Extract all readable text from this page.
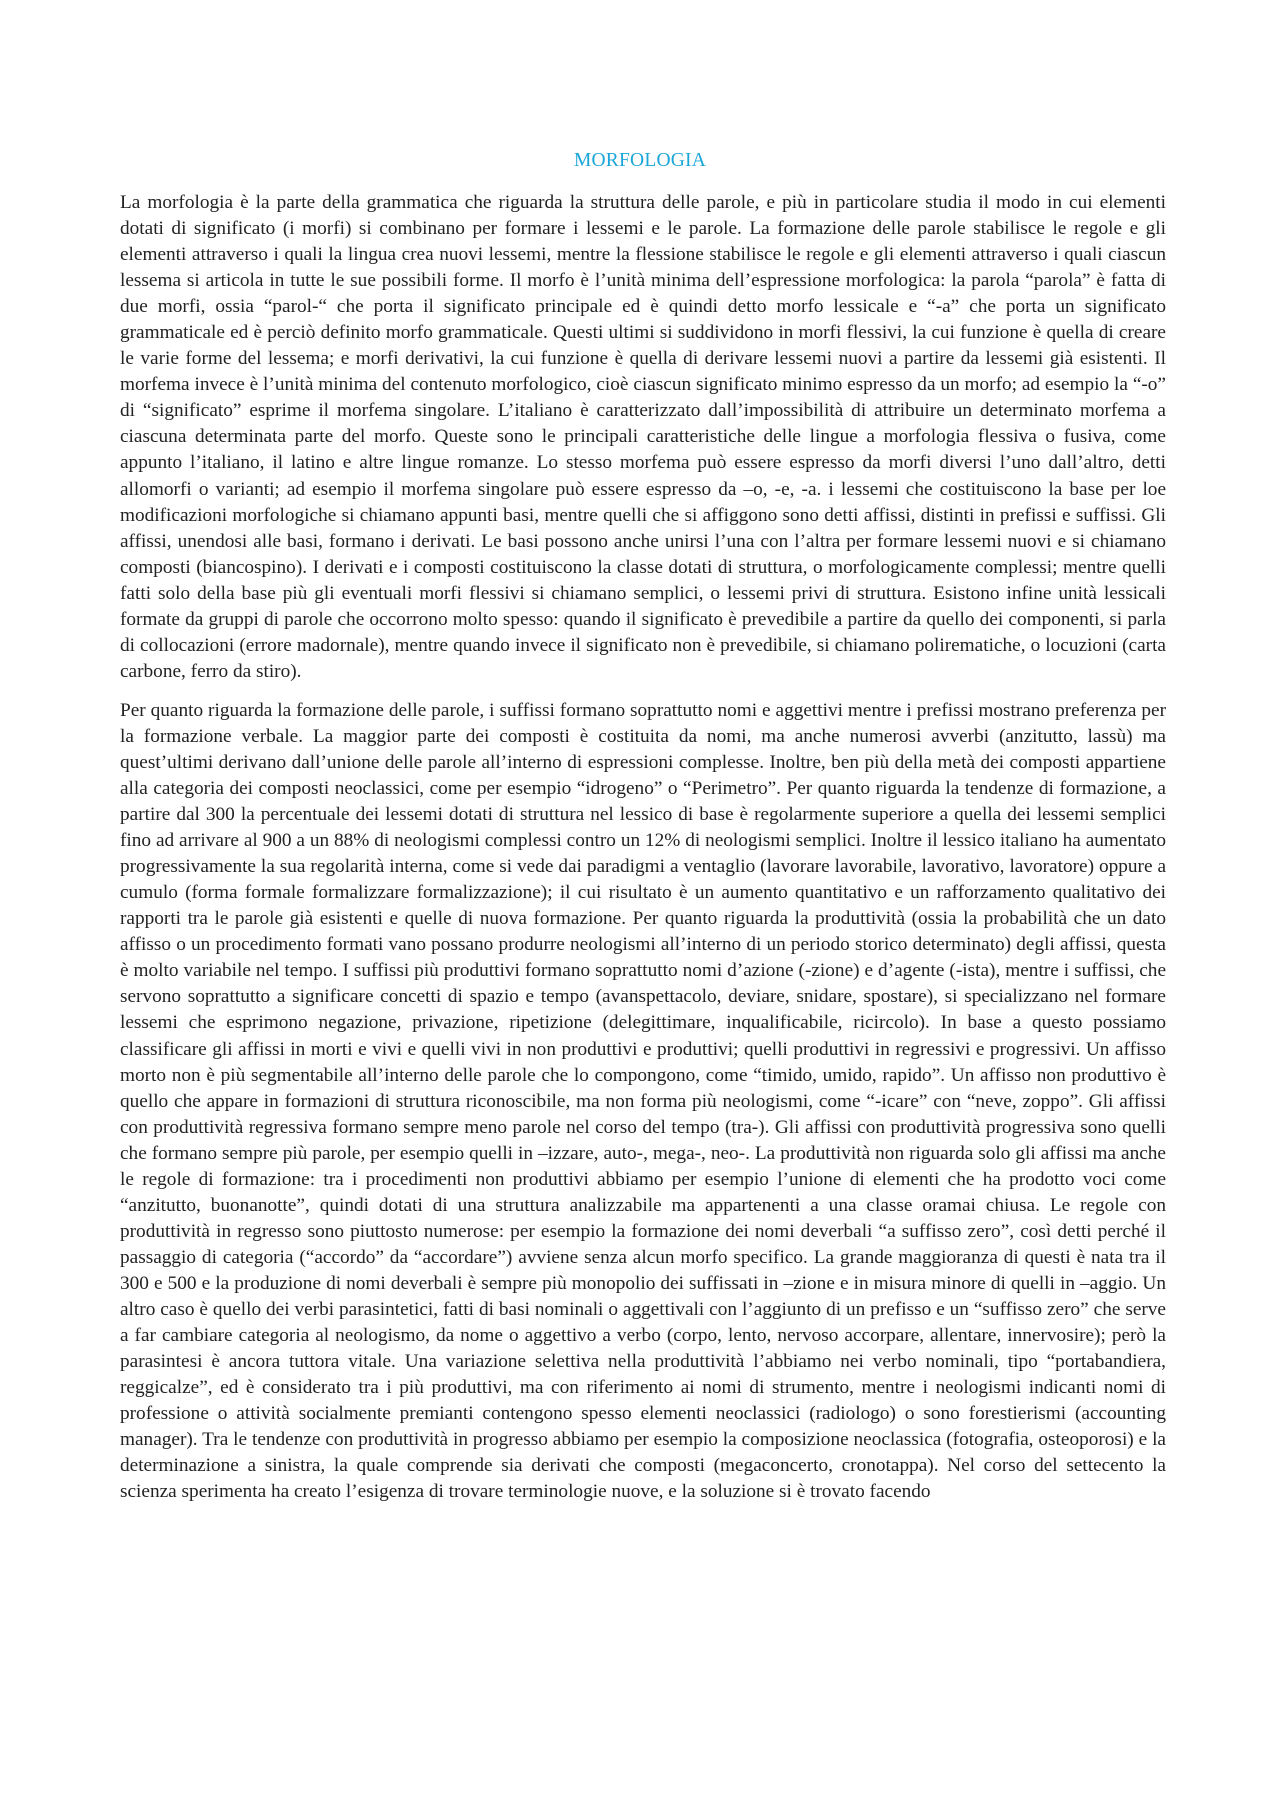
MORFOLOGIA

La morfologia è la parte della grammatica che riguarda la struttura delle parole, e più in particolare studia il modo in cui elementi dotati di significato (i morfi) si combinano per formare i lessemi e le parole. La formazione delle parole stabilisce le regole e gli elementi attraverso i quali la lingua crea nuovi lessemi, mentre la flessione stabilisce le regole e gli elementi attraverso i quali ciascun lessema si articola in tutte le sue possibili forme. Il morfo è l’unità minima dell’espressione morfologica: la parola “parola” è fatta di due morfi, ossia “parol-“ che porta il significato principale ed è quindi detto morfo lessicale e “-a” che porta un significato grammaticale ed è perciò definito morfo grammaticale. Questi ultimi si suddividono in morfi flessivi, la cui funzione è quella di creare le varie forme del lessema; e morfi derivativi, la cui funzione è quella di derivare lessemi nuovi a partire da lessemi già esistenti. Il morfema invece è l’unità minima del contenuto morfologico, cioè ciascun significato minimo espresso da un morfo; ad esempio la “-o” di “significato” esprime il morfema singolare. L’italiano è caratterizzato dall’impossibilità di attribuire un determinato morfema a ciascuna determinata parte del morfo. Queste sono le principali caratteristiche delle lingue a morfologia flessiva o fusiva, come appunto l’italiano, il latino e altre lingue romanze. Lo stesso morfema può essere espresso da morfi diversi l’uno dall’altro, detti allomorfi o varianti; ad esempio il morfema singolare può essere espresso da –o, -e, -a. i lessemi che costituiscono la base per loe modificazioni morfologiche si chiamano appunti basi, mentre quelli che si affiggono sono detti affissi, distinti in prefissi e suffissi. Gli affissi, unendosi alle basi, formano i derivati. Le basi possono anche unirsi l’una con l’altra per formare lessemi nuovi e si chiamano composti (biancospino). I derivati e i composti costituiscono la classe dotati di struttura, o morfologicamente complessi; mentre quelli fatti solo della base più gli eventuali morfi flessivi si chiamano semplici, o lessemi privi di struttura. Esistono infine unità lessicali formate da gruppi di parole che occorrono molto spesso: quando il significato è prevedibile a partire da quello dei componenti, si parla di collocazioni (errore madornale), mentre quando invece il significato non è prevedibile, si chiamano polirematiche, o locuzioni (carta carbone, ferro da stiro).

Per quanto riguarda la formazione delle parole, i suffissi formano soprattutto nomi e aggettivi mentre i prefissi mostrano preferenza per la formazione verbale. La maggior parte dei composti è costituita da nomi, ma anche numerosi avverbi (anzitutto, lassù) ma quest’ultimi derivano dall’unione delle parole all’interno di espressioni complesse. Inoltre, ben più della metà dei composti appartiene alla categoria dei composti neoclassici, come per esempio “idrogeno” o “Perimetro”. Per quanto riguarda la tendenze di formazione, a partire dal 300 la percentuale dei lessemi dotati di struttura nel lessico di base è regolarmente superiore a quella dei lessemi semplici fino ad arrivare al 900 a un 88% di neologismi complessi contro un 12% di neologismi semplici. Inoltre il lessico italiano ha aumentato progressivamente la sua regolarità interna, come si vede dai paradigmi a ventaglio (lavorare lavorabile, lavorativo, lavoratore) oppure a cumulo (forma formale formalizzare formalizzazione); il cui risultato è un aumento quantitativo e un rafforzamento qualitativo dei rapporti tra le parole già esistenti e quelle di nuova formazione. Per quanto riguarda la produttività (ossia la probabilità che un dato affisso o un procedimento formati vano possano produrre neologismi all’interno di un periodo storico determinato) degli affissi, questa è molto variabile nel tempo. I suffissi più produttivi formano soprattutto nomi d’azione (-zione) e d’agente (-ista), mentre i suffissi, che servono soprattutto a significare concetti di spazio e tempo (avanspettacolo, deviare, snidare, spostare), si specializzano nel formare lessemi che esprimono negazione, privazione, ripetizione (delegittimare, inqualificabile, ricircolo). In base a questo possiamo classificare gli affissi in morti e vivi e quelli vivi in non produttivi e produttivi; quelli produttivi in regressivi e progressivi. Un affisso morto non è più segmentabile all’interno delle parole che lo compongono, come “timido, umido, rapido”. Un affisso non produttivo è quello che appare in formazioni di struttura riconoscibile, ma non forma più neologismi, come “-icare” con “neve, zoppo”. Gli affissi con produttività regressiva formano sempre meno parole nel corso del tempo (tra-). Gli affissi con produttività progressiva sono quelli che formano sempre più parole, per esempio quelli in –izzare, auto-, mega-, neo-. La produttività non riguarda solo gli affissi ma anche le regole di formazione: tra i procedimenti non produttivi abbiamo per esempio l’unione di elementi che ha prodotto voci come “anzitutto, buonanotte”, quindi dotati di una struttura analizzabile ma appartenenti a una classe oramai chiusa. Le regole con produttività in regresso sono piuttosto numerose: per esempio la formazione dei nomi deverbali “a suffisso zero”, così detti perché il passaggio di categoria (“accordo” da “accordare”) avviene senza alcun morfo specifico. La grande maggioranza di questi è nata tra il 300 e 500 e la produzione di nomi deverbali è sempre più monopolio dei suffissati in –zione e in misura minore di quelli in –aggio. Un altro caso è quello dei verbi parasintetici, fatti di basi nominali o aggettivali con l’aggiunto di un prefisso e un “suffisso zero” che serve a far cambiare categoria al neologismo, da nome o aggettivo a verbo (corpo, lento, nervoso accorpare, allentare, innervosire); però la parasintesi è ancora tuttora vitale. Una variazione selettiva nella produttività l’abbiamo nei verbo nominali, tipo “portabandiera, reggicalze”, ed è considerato tra i più produttivi, ma con riferimento ai nomi di strumento, mentre i neologismi indicanti nomi di professione o attività socialmente premianti contengono spesso elementi neoclassici (radiologo) o sono forestierismi (accounting manager). Tra le tendenze con produttività in progresso abbiamo per esempio la composizione neoclassica (fotografia, osteoporosi) e la determinazione a sinistra, la quale comprende sia derivati che composti (megaconcerto, cronotappa). Nel corso del settecento la scienza sperimenta ha creato l’esigenza di trovare terminologie nuove, e la soluzione si è trovato facendo
